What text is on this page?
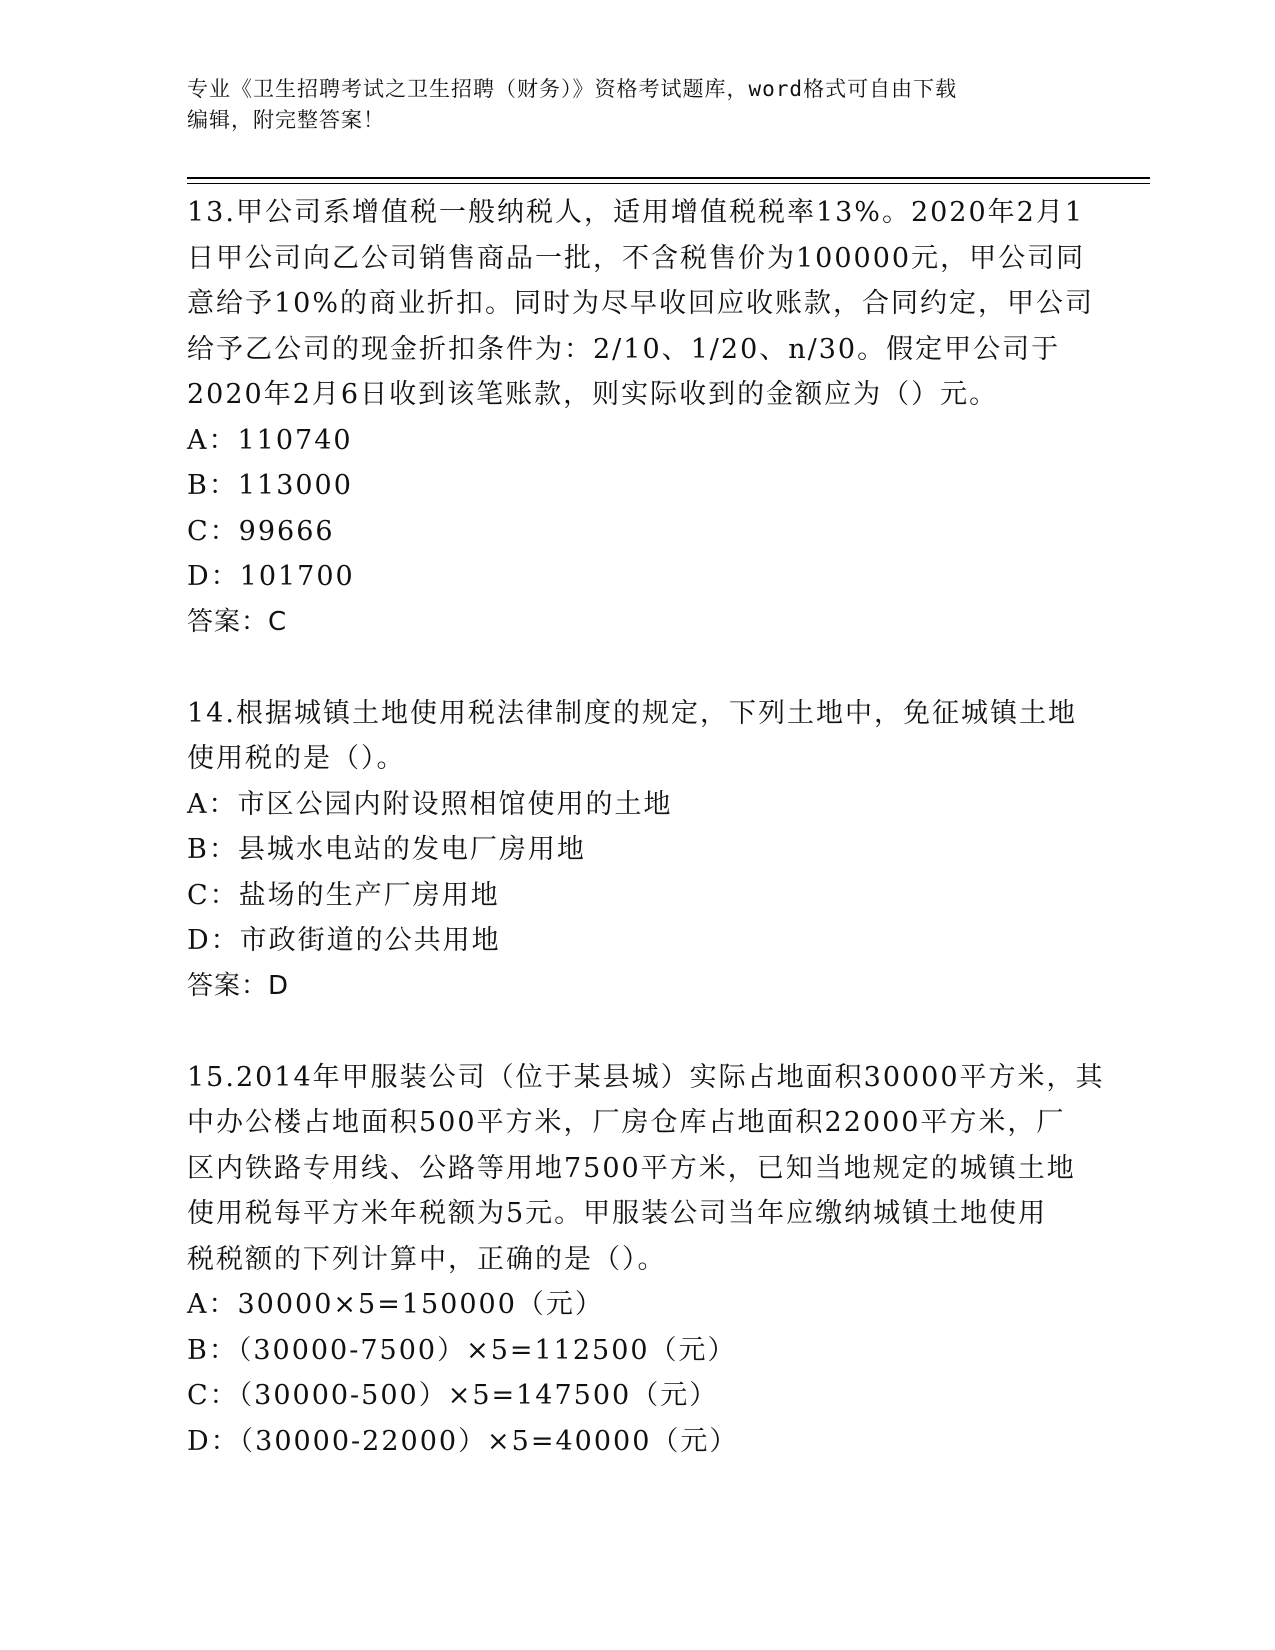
专业《卫生招聘考试之卫生招聘（财务）》资格考试题库，word格式可自由下载
编辑，附完整答案！
13.甲公司系增值税一般纳税人，适用增值税税率13%。2020年2月1
日甲公司向乙公司销售商品一批，不含税售价为100000元，甲公司同
意给予10%的商业折扣。同时为尽早收回应收账款，合同约定，甲公司
给予乙公司的现金折扣条件为：2/10、1/20、n/30。假定甲公司于
2020年2月6日收到该笔账款，则实际收到的金额应为（）元。
A：110740
B：113000
C：99666
D：101700
答案：C
14.根据城镇土地使用税法律制度的规定，下列土地中，免征城镇土地
使用税的是（）。
A：市区公园内附设照相馆使用的土地
B：县城水电站的发电厂房用地
C：盐场的生产厂房用地
D：市政街道的公共用地
答案：D
15.2014年甲服装公司（位于某县城）实际占地面积30000平方米，其
中办公楼占地面积500平方米，厂房仓库占地面积22000平方米，厂
区内铁路专用线、公路等用地7500平方米，已知当地规定的城镇土地
使用税每平方米年税额为5元。甲服装公司当年应缴纳城镇土地使用
税税额的下列计算中，正确的是（）。
A：30000×5=150000（元）
B：（30000-7500）×5=112500（元）
C：（30000-500）×5=147500（元）
D：（30000-22000）×5=40000（元）
